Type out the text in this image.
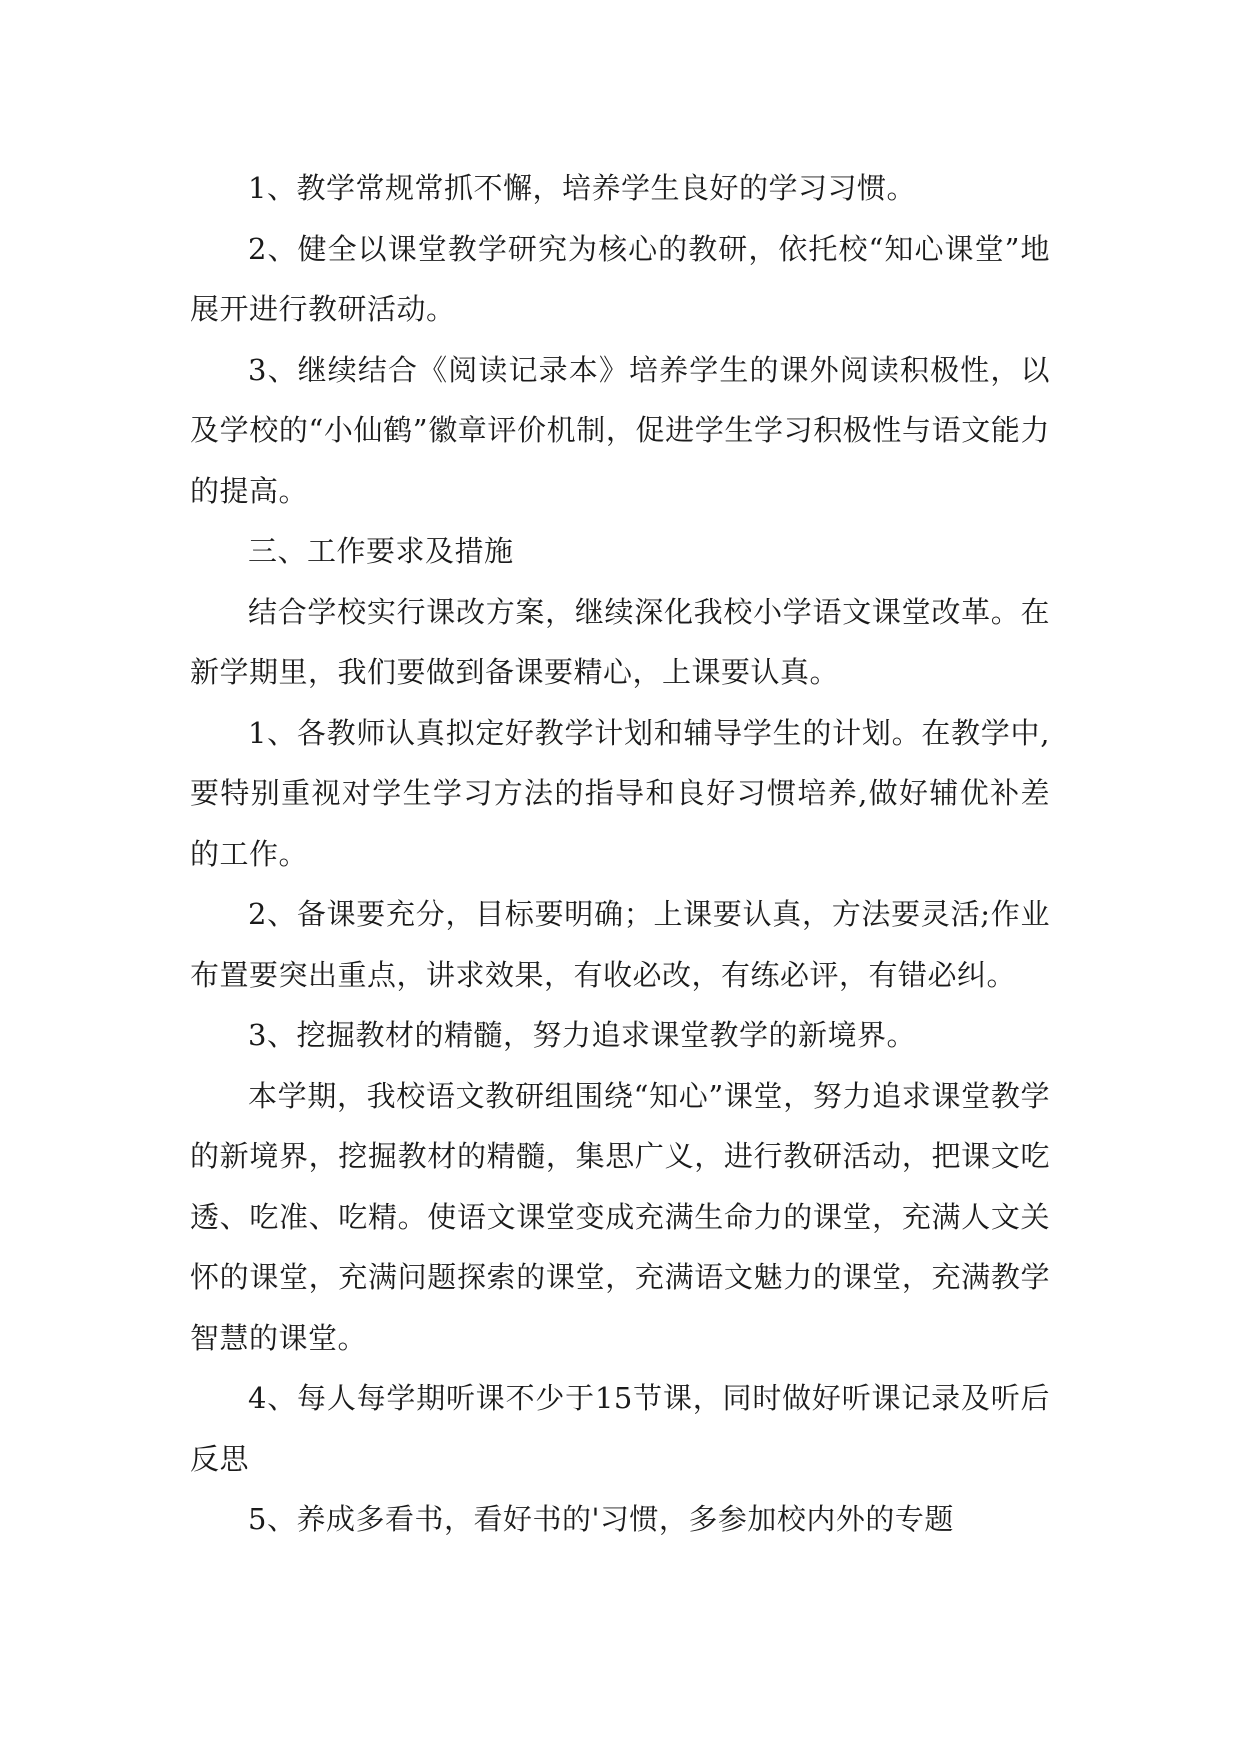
1、教学常规常抓不懈，培养学生良好的学习习惯。

2、健全以课堂教学研究为核心的教研，依托校“知心课堂”地展开进行教研活动。

3、继续结合《阅读记录本》培养学生的课外阅读积极性，以及学校的“小仙鹤”徽章评价机制，促进学生学习积极性与语文能力的提高。

三、工作要求及措施

结合学校实行课改方案，继续深化我校小学语文课堂改革。在新学期里，我们要做到备课要精心，上课要认真。

1、各教师认真拟定好教学计划和辅导学生的计划。在教学中,要特别重视对学生学习方法的指导和良好习惯培养,做好辅优补差的工作。

2、备课要充分，目标要明确；上课要认真，方法要灵活;作业布置要突出重点，讲求效果，有收必改，有练必评，有错必纠。

3、挖掘教材的精髓，努力追求课堂教学的新境界。

本学期，我校语文教研组围绕“知心”课堂，努力追求课堂教学的新境界，挖掘教材的精髓，集思广义，进行教研活动，把课文吃透、吃准、吃精。使语文课堂变成充满生命力的课堂，充满人文关怀的课堂，充满问题探索的课堂，充满语文魅力的课堂，充满教学智慧的课堂。

4、每人每学期听课不少于15节课，同时做好听课记录及听后反思

5、养成多看书，看好书的'习惯，多参加校内外的专题
